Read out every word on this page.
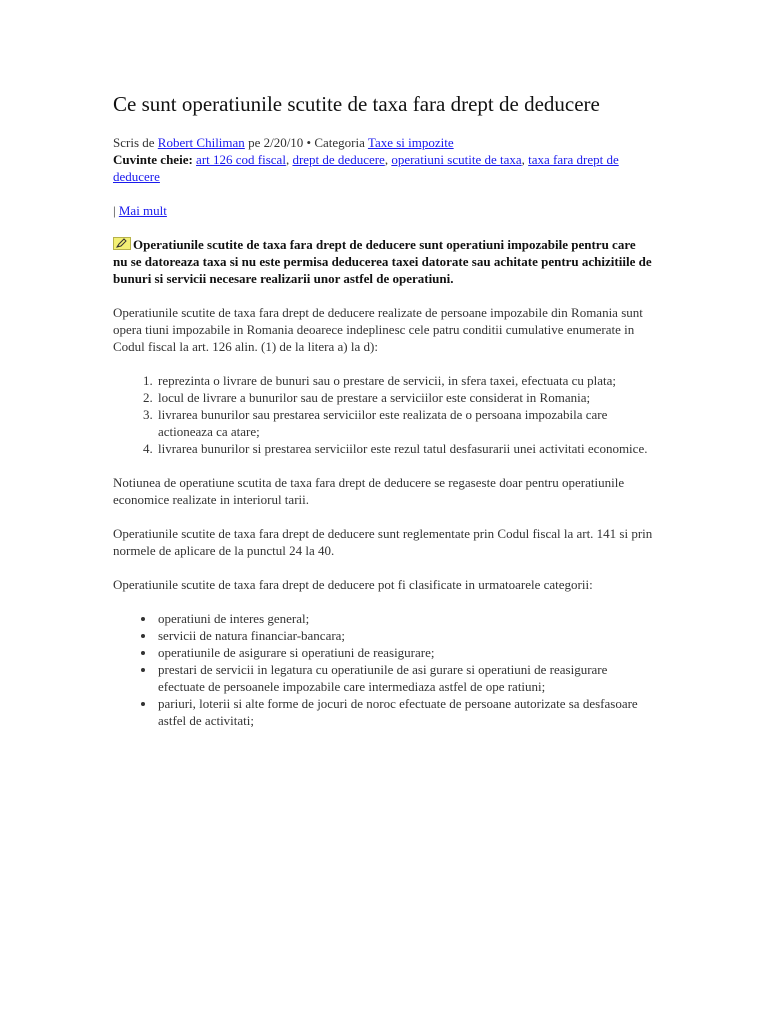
Ce sunt operatiunile scutite de taxa fara drept de deducere
Scris de Robert Chiliman pe 2/20/10 • Categoria Taxe si impozite
Cuvinte cheie: art 126 cod fiscal, drept de deducere, operatiuni scutite de taxa, taxa fara drept de deducere
| Mai mult
Operatiunile scutite de taxa fara drept de deducere sunt operatiuni impozabile pentru care nu se datoreaza taxa si nu este permisa deducerea taxei datorate sau achitate pentru achizitiile de bunuri si servicii necesare realizarii unor astfel de operatiuni.

Operatiunile scutite de taxa fara drept de deducere realizate de persoane impozabile din Romania sunt opera tiuni impozabile in Romania deoarece indeplinesc cele patru conditii cumulative enumerate in Codul fiscal la art. 126 alin. (1) de la litera a) la d):

1. reprezinta o livrare de bunuri sau o prestare de servicii, in sfera taxei, efectuata cu plata;
2. locul de livrare a bunurilor sau de prestare a serviciilor este considerat in Romania;
3. livrarea bunurilor sau prestarea serviciilor este realizata de o persoana impozabila care actioneaza ca atare;
4. livrarea bunurilor si prestarea serviciilor este rezul tatul desfasurarii unei activitati economice.

Notiunea de operatiune scutita de taxa fara drept de deducere se regaseste doar pentru operatiunile economice realizate in interiorul tarii.

Operatiunile scutite de taxa fara drept de deducere sunt reglementate prin Codul fiscal la art. 141 si prin normele de aplicare de la punctul 24 la 40.

Operatiunile scutite de taxa fara drept de deducere pot fi clasificate in urmatoarele categorii:

• operatiuni de interes general;
• servicii de natura financiar-bancara;
• operatiunile de asigurare si operatiuni de reasigurare;
• prestari de servicii in legatura cu operatiunile de asi gurare si operatiuni de reasigurare efectuate de persoanele impozabile care intermediaza astfel de ope ratiuni;
• pariuri, loterii si alte forme de jocuri de noroc efectuate de persoane autorizate sa desfasoare astfel de activitati;
